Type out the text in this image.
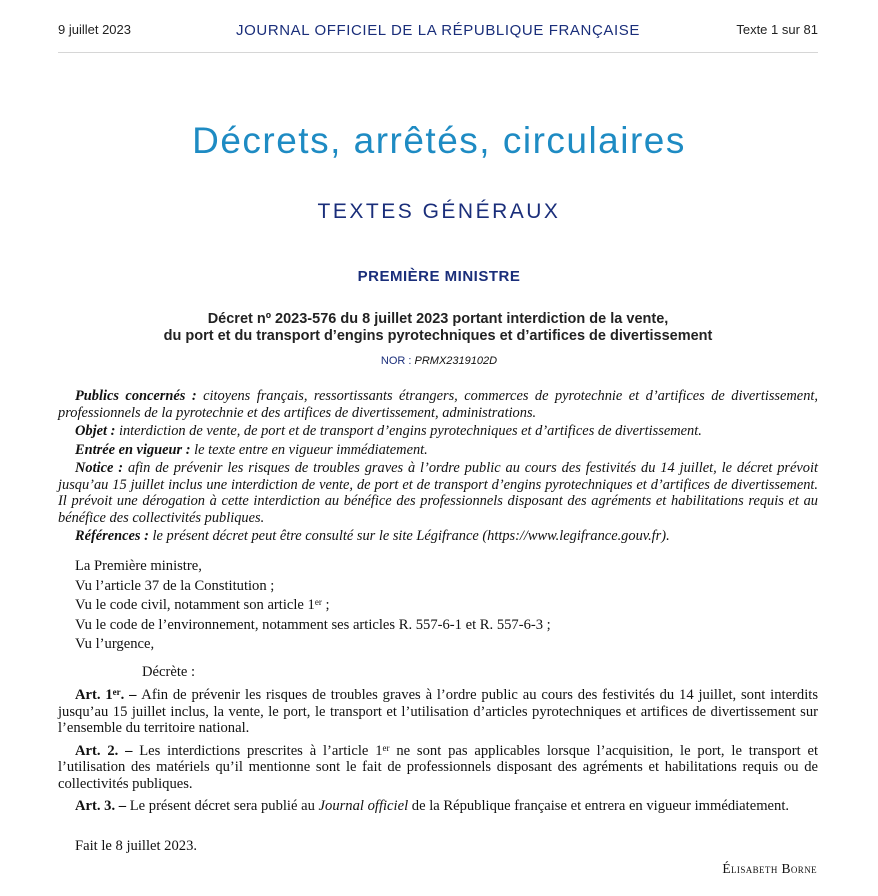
9 juillet 2023	JOURNAL OFFICIEL DE LA RÉPUBLIQUE FRANÇAISE	Texte 1 sur 81
Décrets, arrêtés, circulaires
TEXTES GÉNÉRAUX
PREMIÈRE MINISTRE
Décret nº 2023-576 du 8 juillet 2023 portant interdiction de la vente,
du port et du transport d’engins pyrotechniques et d’artifices de divertissement
NOR : PRMX2319102D

Publics concernés : citoyens français, ressortissants étrangers, commerces de pyrotechnie et d’artifices de divertissement, professionnels de la pyrotechnie et des artifices de divertissement, administrations.

Objet : interdiction de vente, de port et de transport d’engins pyrotechniques et d’artifices de divertissement.

Entrée en vigueur : le texte entre en vigueur immédiatement.

Notice : afin de prévenir les risques de troubles graves à l’ordre public au cours des festivités du 14 juillet, le décret prévoit jusqu’au 15 juillet inclus une interdiction de vente, de port et de transport d’engins pyrotechniques et d’artifices de divertissement. Il prévoit une dérogation à cette interdiction au bénéfice des professionnels disposant des agréments et habilitations requis et au bénéfice des collectivités publiques.

Références : le présent décret peut être consulté sur le site Légifrance (https://www.legifrance.gouv.fr).

La Première ministre,

Vu l’article 37 de la Constitution ;

Vu le code civil, notamment son article 1er ;

Vu le code de l’environnement, notamment ses articles R. 557-6-1 et R. 557-6-3 ;

Vu l’urgence,

Décrète :

Art. 1er. – Afin de prévenir les risques de troubles graves à l’ordre public au cours des festivités du 14 juillet, sont interdits jusqu’au 15 juillet inclus, la vente, le port, le transport et l’utilisation d’articles pyrotechniques et artifices de divertissement sur l’ensemble du territoire national.

Art. 2. – Les interdictions prescrites à l’article 1er ne sont pas applicables lorsque l’acquisition, le port, le transport et l’utilisation des matériels qu’il mentionne sont le fait de professionnels disposant des agréments et habilitations requis ou de collectivités publiques.

Art. 3. – Le présent décret sera publié au Journal officiel de la République française et entrera en vigueur immédiatement.

Fait le 8 juillet 2023.
Élisabeth Borne
